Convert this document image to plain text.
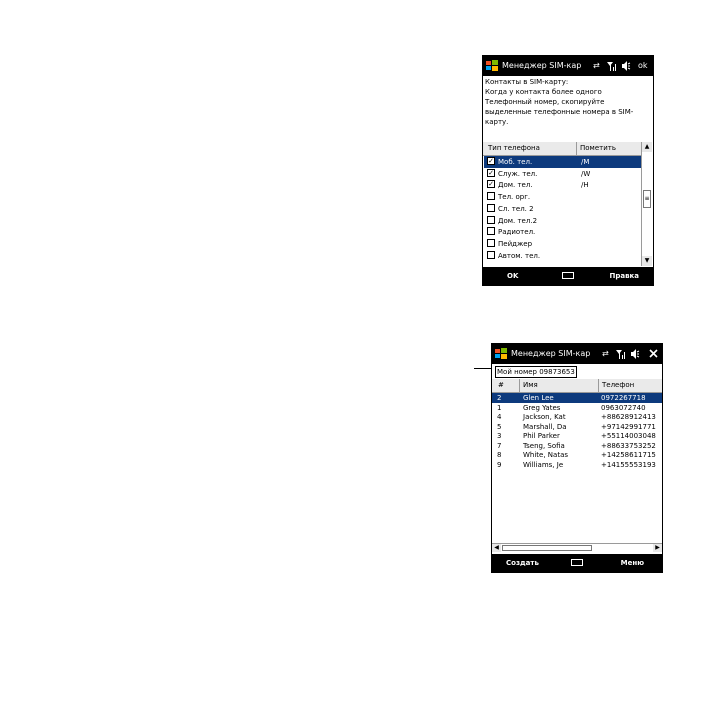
Менеджер SIM-кар ⇄	ok
Контакты в SIM-карту:
Когда у контакта более одного
Телефонный номер, скопируйте
выделенные телефонные номера в SIM-
карту.
Тип телефона	Пометить
✓ Моб. тел.	/M
✓ Служ. тел.	/W
✓ Дом. тел.	/H
Тел. орг.
Сл. тел. 2
Дом. тел.2
Радиотел.
Пейджер
Автом. тел.
▲
≡
▼
OK	Правка
Менеджер SIM-кар ⇄
Мой номер 09873653
#	Имя	Телефон
2	Glen Lee	0972267718
1	Greg Yates	0963072740
4	Jackson, Kat	+88628912413
5	Marshall, Da	+97142991771
3	Phil Parker	+55114003048
7	Tseng, Sofia	+88633753252
8	White, Natas	+14258611715
9	Williams, Je	+14155553193
◀	▶
Создать	Меню
